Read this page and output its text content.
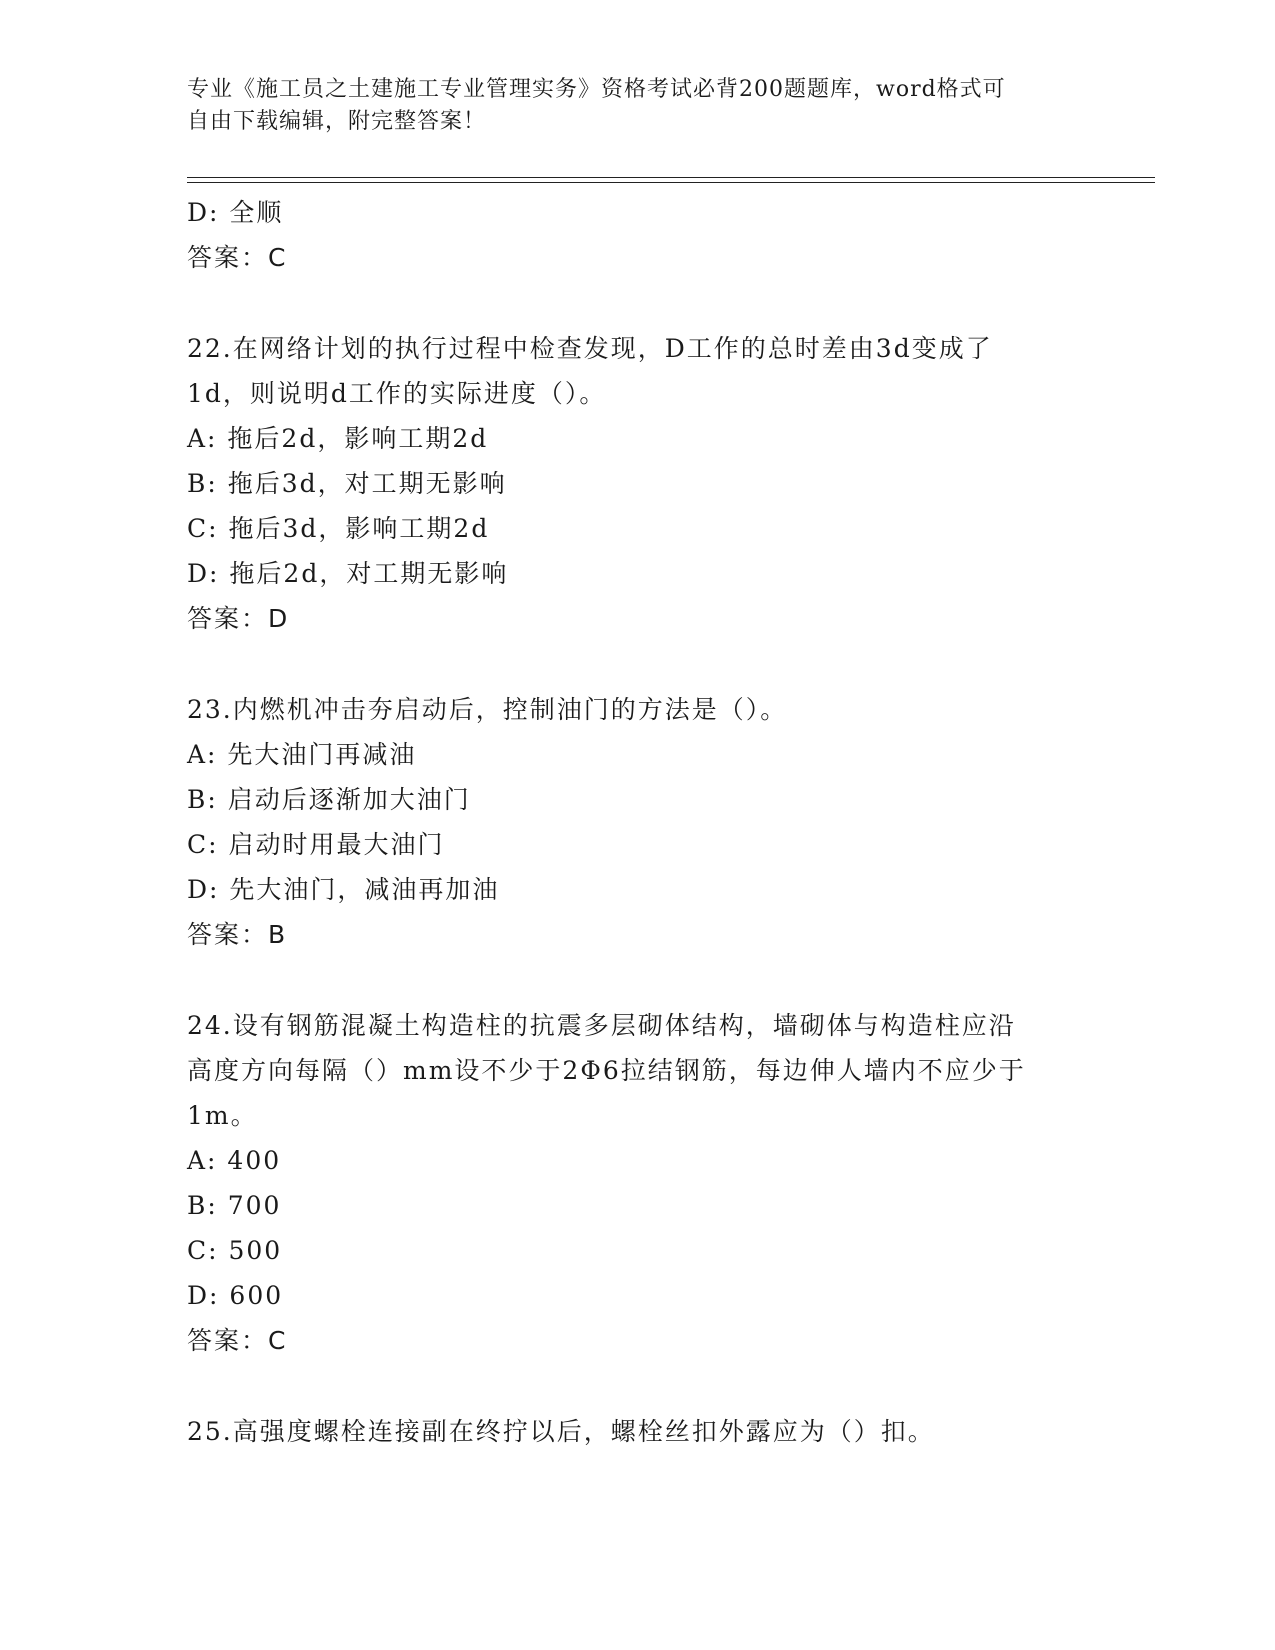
专业《施工员之土建施工专业管理实务》资格考试必背200题题库，word格式可
自由下载编辑，附完整答案！
D: 全顺
答案：C
22.在网络计划的执行过程中检查发现，D工作的总时差由3d变成了
1d，则说明d工作的实际进度（）。
A: 拖后2d，影响工期2d
B: 拖后3d，对工期无影响
C: 拖后3d，影响工期2d
D: 拖后2d，对工期无影响
答案：D
23.内燃机冲击夯启动后，控制油门的方法是（）。
A: 先大油门再减油
B: 启动后逐渐加大油门
C: 启动时用最大油门
D: 先大油门，减油再加油
答案：B
24.设有钢筋混凝土构造柱的抗震多层砌体结构，墙砌体与构造柱应沿
高度方向每隔（）mm设不少于2Φ6拉结钢筋，每边伸人墙内不应少于
1m。
A: 400
B: 700
C: 500
D: 600
答案：C
25.高强度螺栓连接副在终拧以后，螺栓丝扣外露应为（）扣。
